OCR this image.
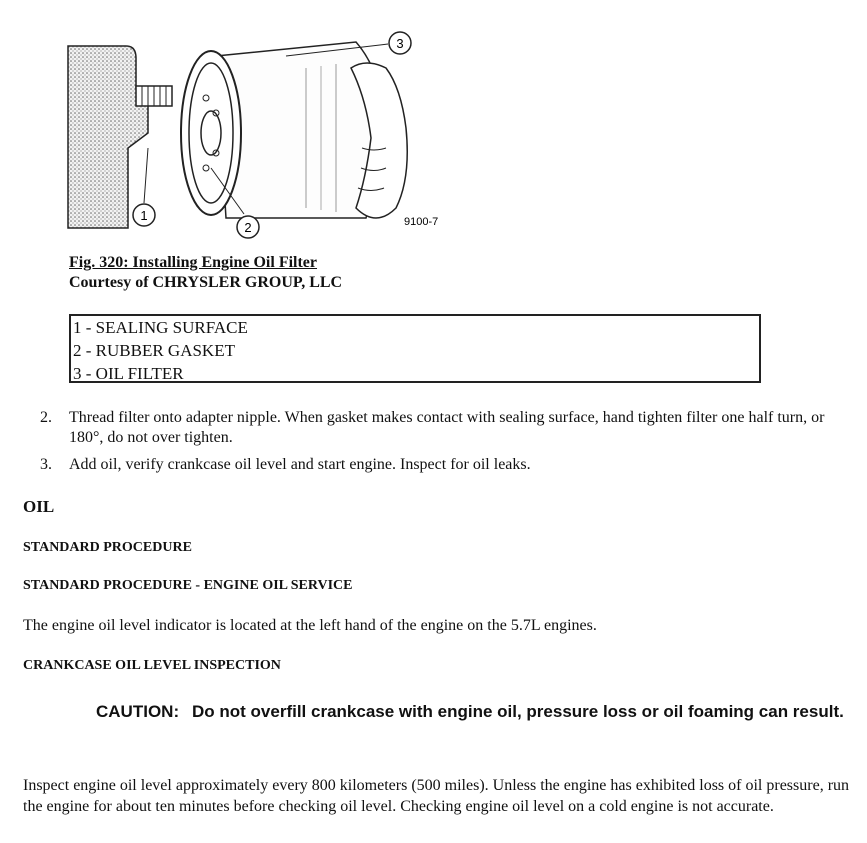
1
2
3
9100-7
Fig. 320: Installing Engine Oil Filter
Courtesy of CHRYSLER GROUP, LLC
1 - SEALING SURFACE
2 - RUBBER GASKET
3 - OIL FILTER
2. Thread filter onto adapter nipple. When gasket makes contact with sealing surface, hand tighten filter one half turn, or 180°, do not over tighten.
3. Add oil, verify crankcase oil level and start engine. Inspect for oil leaks.
OIL
STANDARD PROCEDURE
STANDARD PROCEDURE - ENGINE OIL SERVICE
The engine oil level indicator is located at the left hand of the engine on the 5.7L engines.
CRANKCASE OIL LEVEL INSPECTION
CAUTION: Do not overfill crankcase with engine oil, pressure loss or oil foaming can result.
Inspect engine oil level approximately every 800 kilometers (500 miles). Unless the engine has exhibited loss of oil pressure, run the engine for about ten minutes before checking oil level. Checking engine oil level on a cold engine is not accurate.
